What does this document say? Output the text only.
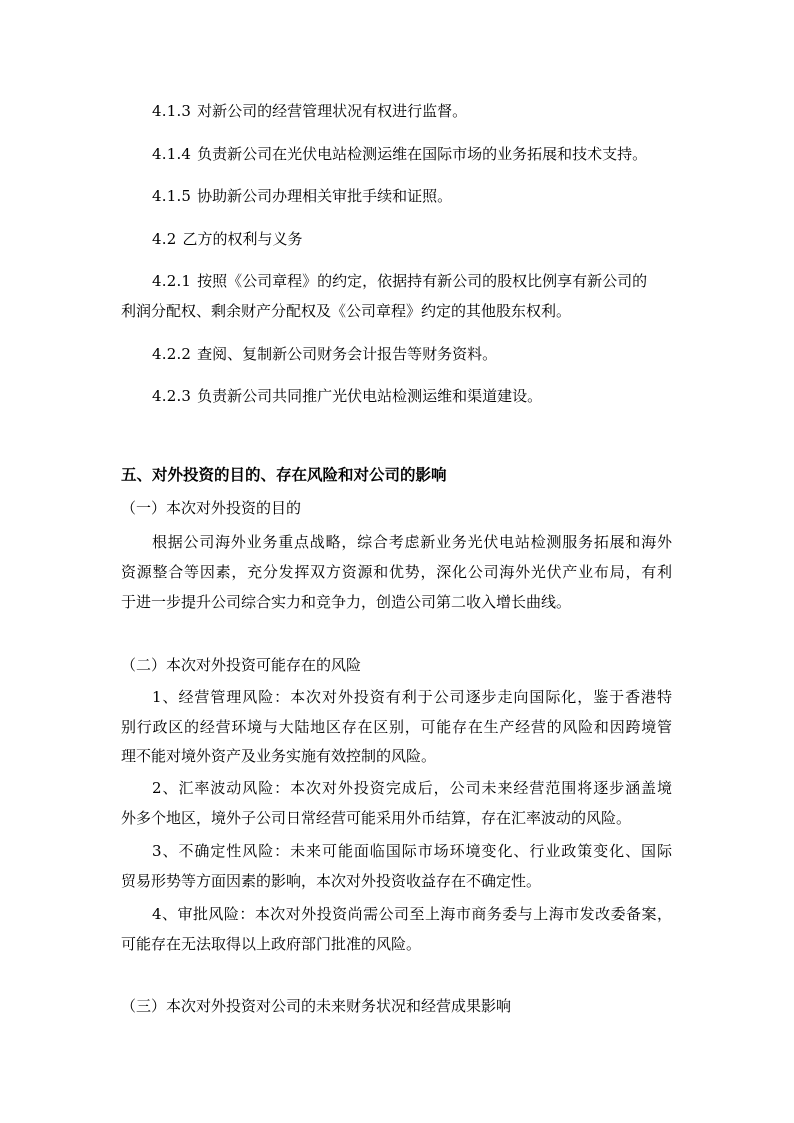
4.1.3 对新公司的经营管理状况有权进行监督。

4.1.4 负责新公司在光伏电站检测运维在国际市场的业务拓展和技术支持。

4.1.5 协助新公司办理相关审批手续和证照。

4.2 乙方的权利与义务

4.2.1 按照《公司章程》的约定，依据持有新公司的股权比例享有新公司的

利润分配权、剩余财产分配权及《公司章程》约定的其他股东权利。

4.2.2 查阅、复制新公司财务会计报告等财务资料。

4.2.3 负责新公司共同推广光伏电站检测运维和渠道建设。

五、对外投资的目的、存在风险和对公司的影响

（一）本次对外投资的目的

根据公司海外业务重点战略，综合考虑新业务光伏电站检测服务拓展和海外

资源整合等因素，充分发挥双方资源和优势，深化公司海外光伏产业布局，有利

于进一步提升公司综合实力和竞争力，创造公司第二收入增长曲线。

（二）本次对外投资可能存在的风险

1、经营管理风险：本次对外投资有利于公司逐步走向国际化，鉴于香港特

别行政区的经营环境与大陆地区存在区别，可能存在生产经营的风险和因跨境管

理不能对境外资产及业务实施有效控制的风险。

2、汇率波动风险：本次对外投资完成后，公司未来经营范围将逐步涵盖境

外多个地区，境外子公司日常经营可能采用外币结算，存在汇率波动的风险。

3、不确定性风险：未来可能面临国际市场环境变化、行业政策变化、国际

贸易形势等方面因素的影响，本次对外投资收益存在不确定性。

4、审批风险：本次对外投资尚需公司至上海市商务委与上海市发改委备案，

可能存在无法取得以上政府部门批准的风险。

（三）本次对外投资对公司的未来财务状况和经营成果影响
